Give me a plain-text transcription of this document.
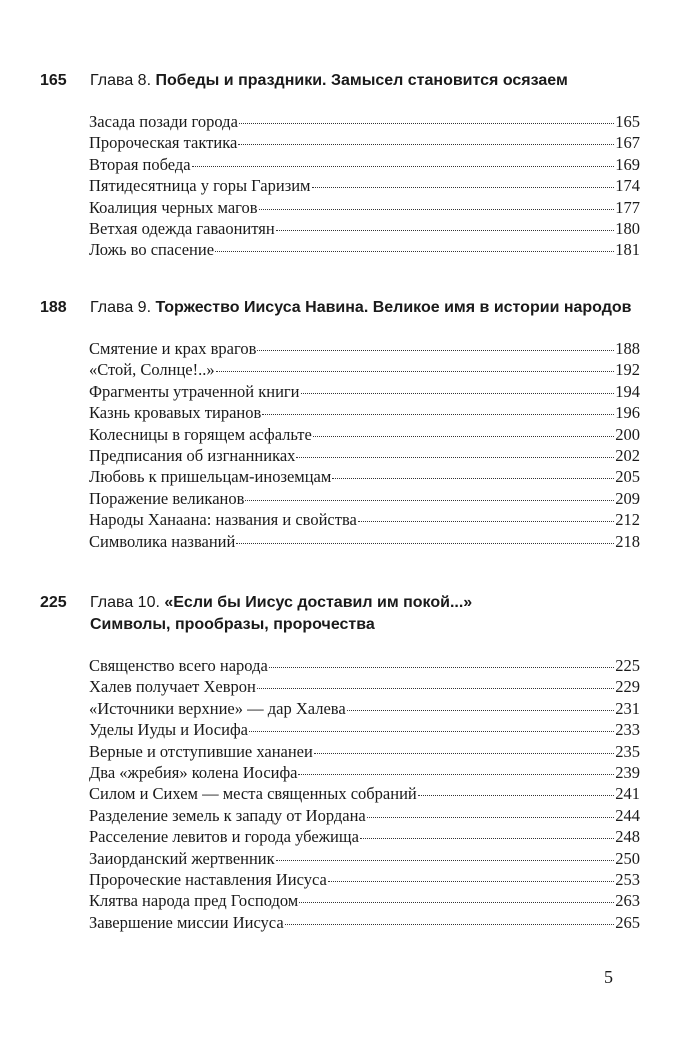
165 Глава 8. Победы и праздники. Замысел становится осязаем
Засада позади города	165
Пророческая тактика	167
Вторая победа	169
Пятидесятница у горы Гаризим	174
Коалиция черных магов	177
Ветхая одежда гаваонитян	180
Ложь во спасение	181
188 Глава 9. Торжество Иисуса Навина. Великое имя в истории народов
Смятение и крах врагов	188
«Стой, Солнце!..»	192
Фрагменты утраченной книги	194
Казнь кровавых тиранов	196
Колесницы в горящем асфальте	200
Предписания об изгнанниках	202
Любовь к пришельцам-иноземцам	205
Поражение великанов	209
Народы Ханаана: названия и свойства	212
Символика названий	218
225 Глава 10. «Если бы Иисус доставил им покой...»
Символы, прообразы, пророчества
Священство всего народа	225
Халев получает Хеврон	229
«Источники верхние» — дар Халева	231
Уделы Иуды и Иосифа	233
Верные и отступившие хананеи	235
Два «жребия» колена Иосифа	239
Силом и Сихем — места священных собраний	241
Разделение земель к западу от Иордана	244
Расселение левитов и города убежища	248
Заиорданский жертвенник	250
Пророческие наставления Иисуса	253
Клятва народа пред Господом	263
Завершение миссии Иисуса	265
5
